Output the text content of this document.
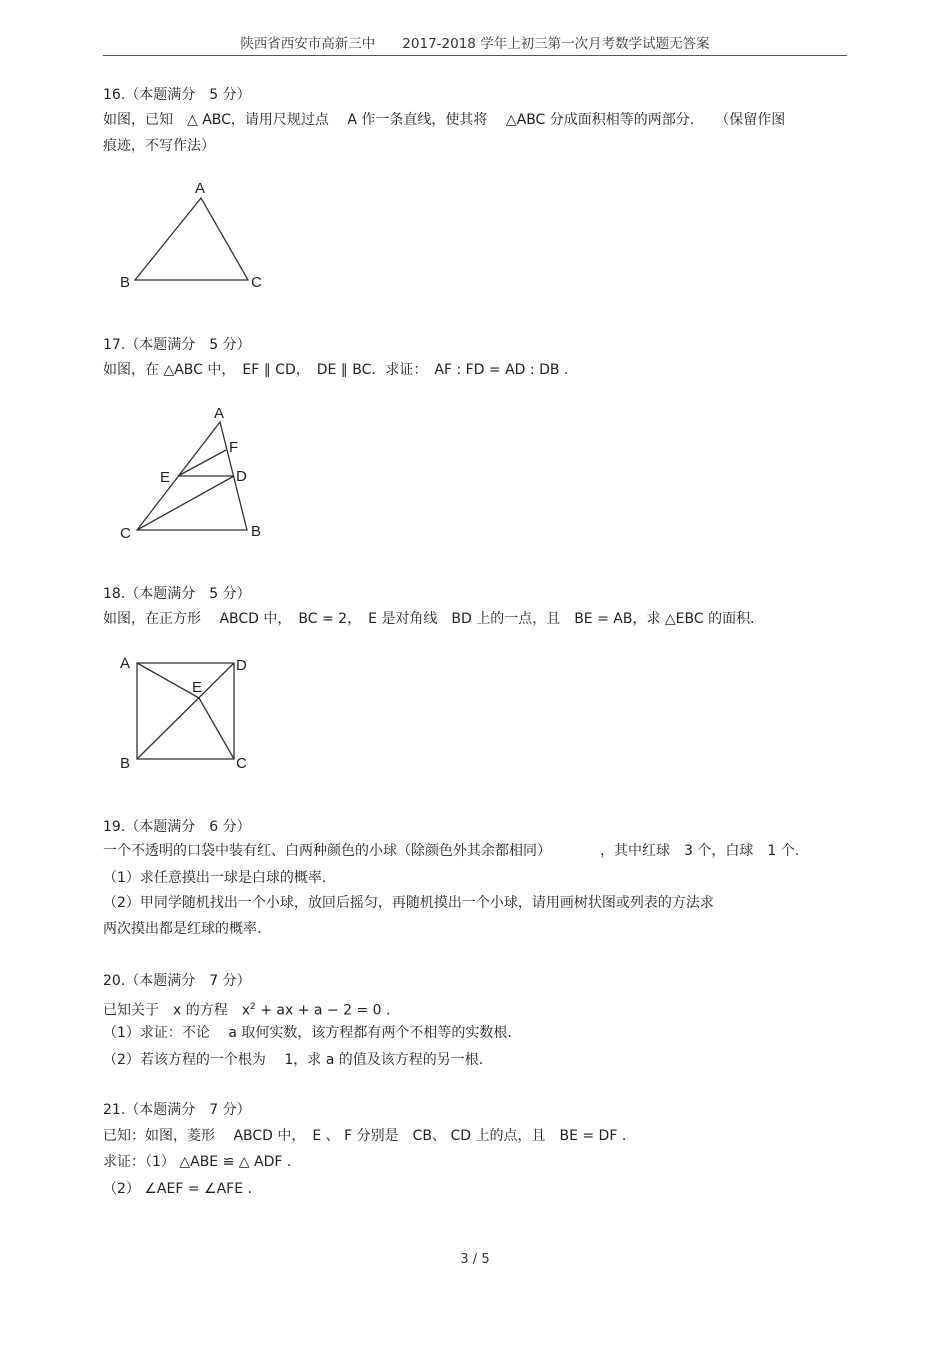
陕西省西安市高新三中　　2017-2018 学年上初三第一次月考数学试题无答案
16.（本题满分　5 分）
如图，已知　△ ABC，请用尺规过点　 A 作一条直线，使其将　 △ABC 分成面积相等的两部分.　　（保留作图
痕迹，不写作法）
A
B	C
17.（本题满分　5 分）
如图，在 △ABC 中，　EF ∥ CD，　DE ∥ BC．求证：　AF : FD = AD : DB .
A
F
E	D
C	B
18.（本题满分　5 分）
如图，在正方形　 ABCD 中，　BC = 2，　E 是对角线　BD 上的一点，且　BE = AB，求 △EBC 的面积.
A	D
E
B	C
19.（本题满分　6 分）
一个不透明的口袋中装有红、白两种颜色的小球（除颜色外其余都相同）　　　　，其中红球　3 个，白球　1 个.
（1）求任意摸出一球是白球的概率.
（2）甲同学随机找出一个小球，放回后摇匀，再随机摸出一个小球，请用画树状图或列表的方法求
两次摸出都是红球的概率.
20.（本题满分　7 分）
已知关于　x 的方程　$x^2$ + ax + a − 2 = 0 .
（1）求证：不论　 a 取何实数，该方程都有两个不相等的实数根.
（2）若该方程的一个根为　 1，求 a 的值及该方程的另一根.
21.（本题满分　7 分）
已知：如图，菱形　 ABCD 中，　E 、 F 分别是　CB、 CD 上的点，且　BE = DF .
求证：（1） △ABE ≌ △ ADF .
（2） ∠AEF = ∠AFE .
3 / 5
